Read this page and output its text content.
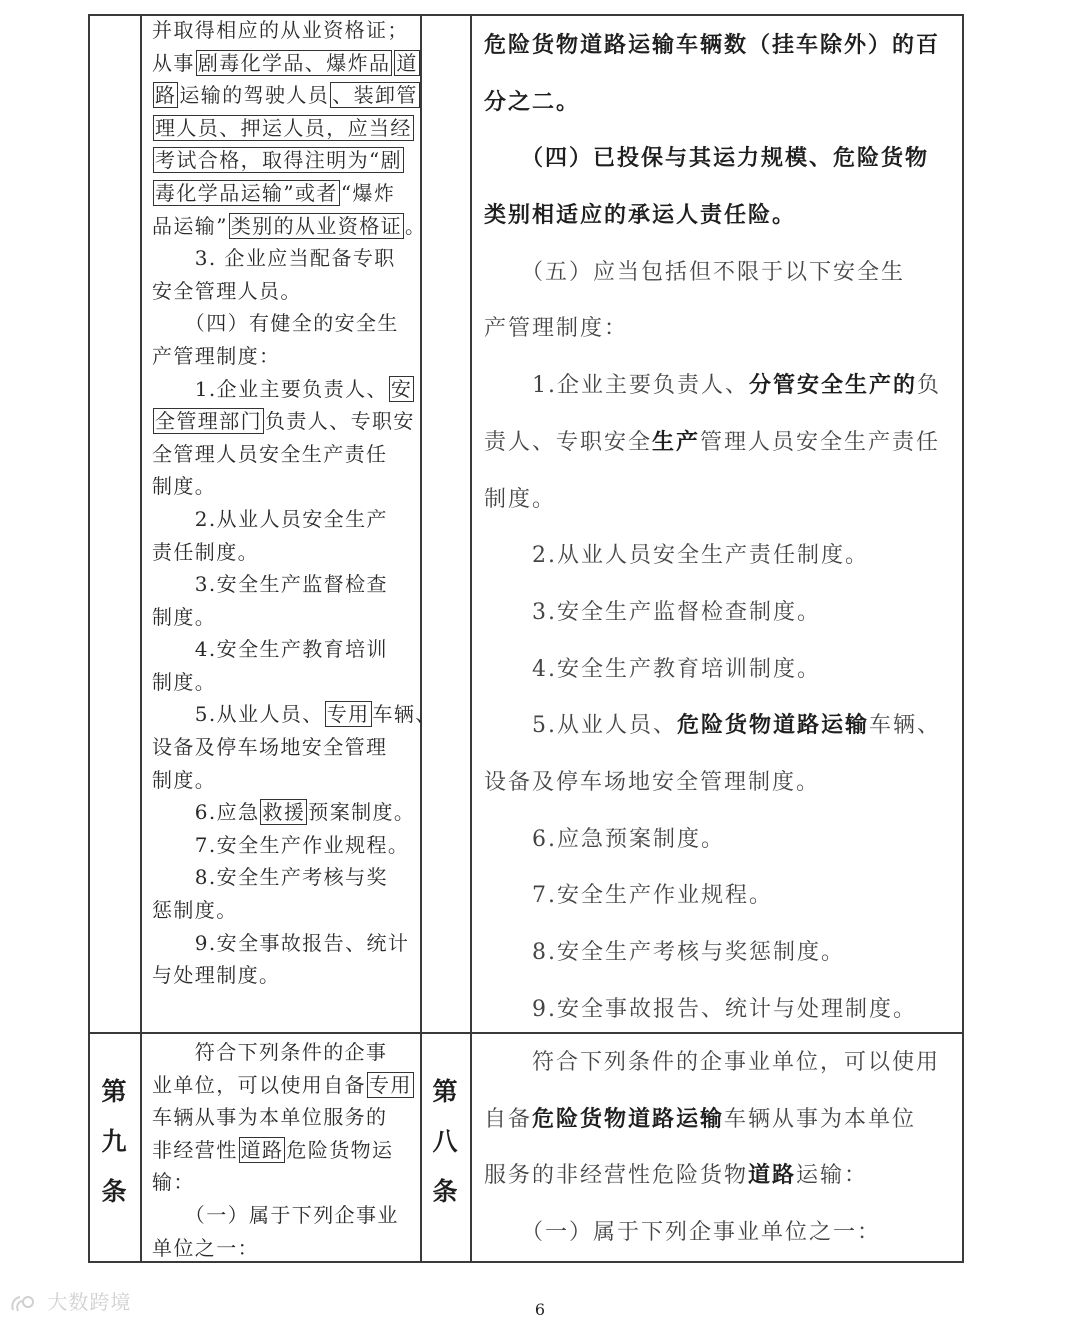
并取得相应的从业资格证；
从事 剧毒化学品、爆炸品 道
路 运输的驾驶人员 、装卸管
理人员、押运人员，应当经
考试合格，取得注明为“剧
毒化学品运输”或者 “爆炸
品运输” 类别的从业资格证 。
　　3. 企业应当配备专职
安全管理人员。
　　（四）有健全的安全生
产管理制度：
　　1.企业主要负责人、 安
全管理部门 负责人、专职安
全管理人员安全生产责任
制度。
　　2.从业人员安全生产
责任制度。
　　3.安全生产监督检查
制度。
　　4.安全生产教育培训
制度。
　　5.从业人员、 专用 车辆、
设备及停车场地安全管理
制度。
　　6.应急 救援 预案制度。
　　7.安全生产作业规程。
　　8.安全生产考核与奖
惩制度。
　　9.安全事故报告、统计
与处理制度。
危险货物道路运输车辆数（挂车除外）的百
分之二。
　　（四）已投保与其运力规模、危险货物
类别相适应的承运人责任险。
　　（五）应当包括但不限于以下安全生
产管理制度：
　　1.企业主要负责人、分管安全生产的负
责人、专职安全生产管理人员安全生产责任
制度。
　　2.从业人员安全生产责任制度。
　　3.安全生产监督检查制度。
　　4.安全生产教育培训制度。
　　5.从业人员、危险货物道路运输车辆、
设备及停车场地安全管理制度。
　　6.应急预案制度。
　　7.安全生产作业规程。
　　8.安全生产考核与奖惩制度。
　　9.安全事故报告、统计与处理制度。
第
九
条
第
八
条
　　符合下列条件的企事
业单位，可以使用自备 专用
车辆从事为本单位服务的
非经营性 道路 危险货物运
输：
　　（一）属于下列企事业
单位之一：
　　符合下列条件的企事业单位，可以使用
自备危险货物道路运输车辆从事为本单位
服务的非经营性危险货物道路运输：
　　（一）属于下列企事业单位之一：
6
大数跨境
